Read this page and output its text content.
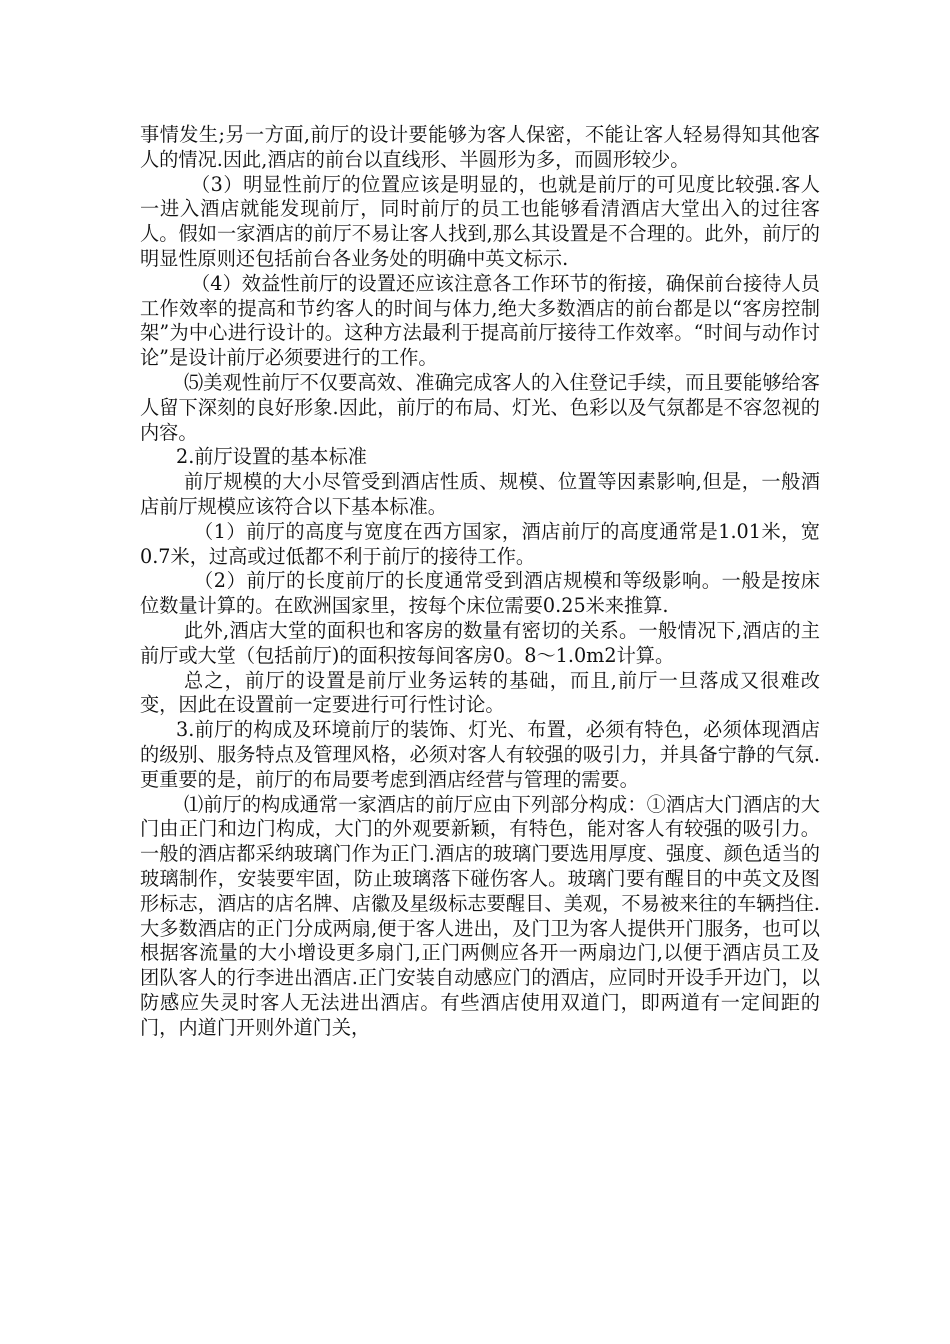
事情发生;另一方面,前厅的设计要能够为客人保密，不能让客人轻易得知其他客人的情况.因此,酒店的前台以直线形、半圆形为多，而圆形较少。

（3）明显性前厅的位置应该是明显的，也就是前厅的可见度比较强.客人一进入酒店就能发现前厅，同时前厅的员工也能够看清酒店大堂出入的过往客人。假如一家酒店的前厅不易让客人找到,那么其设置是不合理的。此外，前厅的明显性原则还包括前台各业务处的明确中英文标示.

（4）效益性前厅的设置还应该注意各工作环节的衔接，确保前台接待人员工作效率的提高和节约客人的时间与体力,绝大多数酒店的前台都是以“客房控制架”为中心进行设计的。这种方法最利于提高前厅接待工作效率。“时间与动作讨论”是设计前厅必须要进行的工作。

⑸美观性前厅不仅要高效、准确完成客人的入住登记手续，而且要能够给客人留下深刻的良好形象.因此，前厅的布局、灯光、色彩以及气氛都是不容忽视的内容。

2.前厅设置的基本标准

前厅规模的大小尽管受到酒店性质、规模、位置等因素影响,但是，一般酒店前厅规模应该符合以下基本标准。

（1）前厅的高度与宽度在西方国家，酒店前厅的高度通常是1.01米，宽0.7米，过高或过低都不利于前厅的接待工作。

（2）前厅的长度前厅的长度通常受到酒店规模和等级影响。一般是按床位数量计算的。在欧洲国家里，按每个床位需要0.25米来推算.

此外,酒店大堂的面积也和客房的数量有密切的关系。一般情况下,酒店的主前厅或大堂（包括前厅)的面积按每间客房0。8～1.0m2计算。

总之，前厅的设置是前厅业务运转的基础，而且,前厅一旦落成又很难改变，因此在设置前一定要进行可行性讨论。

3.前厅的构成及环境前厅的装饰、灯光、布置，必须有特色，必须体现酒店的级别、服务特点及管理风格，必须对客人有较强的吸引力，并具备宁静的气氛.更重要的是，前厅的布局要考虑到酒店经营与管理的需要。

⑴前厅的构成通常一家酒店的前厅应由下列部分构成：①酒店大门酒店的大门由正门和边门构成，大门的外观要新颖，有特色，能对客人有较强的吸引力。一般的酒店都采纳玻璃门作为正门.酒店的玻璃门要选用厚度、强度、颜色适当的玻璃制作，安装要牢固，防止玻璃落下碰伤客人。玻璃门要有醒目的中英文及图形标志，酒店的店名牌、店徽及星级标志要醒目、美观，不易被来往的车辆挡住.大多数酒店的正门分成两扇,便于客人进出，及门卫为客人提供开门服务，也可以根据客流量的大小增设更多扇门,正门两侧应各开一两扇边门,以便于酒店员工及团队客人的行李进出酒店.正门安装自动感应门的酒店，应同时开设手开边门，以防感应失灵时客人无法进出酒店。有些酒店使用双道门，即两道有一定间距的门，内道门开则外道门关，
